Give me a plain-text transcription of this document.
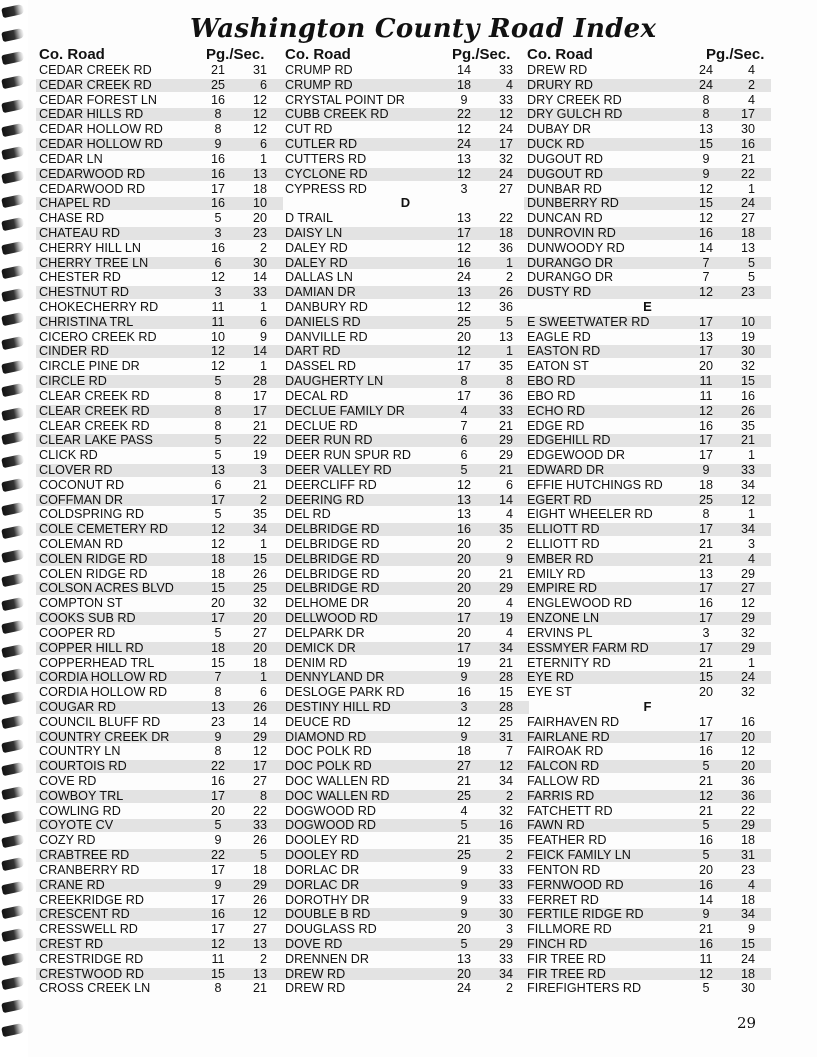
Washington County Road Index
Co. Road	Pg./Sec.
CEDAR CREEK RD	21	31
CEDAR CREEK RD	25	6
CEDAR FOREST LN	16	12
CEDAR HILLS RD	8	12
CEDAR HOLLOW RD	8	12
CEDAR HOLLOW RD	9	6
CEDAR LN	16	1
CEDARWOOD RD	16	13
CEDARWOOD RD	17	18
CHAPEL RD	16	10
CHASE RD	5	20
CHATEAU RD	3	23
CHERRY HILL LN	16	2
CHERRY TREE LN	6	30
CHESTER RD	12	14
CHESTNUT RD	3	33
CHOKECHERRY RD	11	1
CHRISTINA TRL	11	6
CICERO CREEK RD	10	9
CINDER RD	12	14
CIRCLE PINE DR	12	1
CIRCLE RD	5	28
CLEAR CREEK RD	8	17
CLEAR CREEK RD	8	17
CLEAR CREEK RD	8	21
CLEAR LAKE PASS	5	22
CLICK RD	5	19
CLOVER RD	13	3
COCONUT RD	6	21
COFFMAN DR	17	2
COLDSPRING RD	5	35
COLE CEMETERY RD	12	34
COLEMAN RD	12	1
COLEN RIDGE RD	18	15
COLEN RIDGE RD	18	26
COLSON ACRES BLVD	15	25
COMPTON ST	20	32
COOKS SUB RD	17	20
COOPER RD	5	27
COPPER HILL RD	18	20
COPPERHEAD TRL	15	18
CORDIA HOLLOW RD	7	1
CORDIA HOLLOW RD	8	6
COUGAR RD	13	26
COUNCIL BLUFF RD	23	14
COUNTRY CREEK DR	9	29
COUNTRY LN	8	12
COURTOIS RD	22	17
COVE RD	16	27
COWBOY TRL	17	8
COWLING RD	20	22
COYOTE CV	5	33
COZY RD	9	26
CRABTREE RD	22	5
CRANBERRY RD	17	18
CRANE RD	9	29
CREEKRIDGE RD	17	26
CRESCENT RD	16	12
CRESSWELL RD	17	27
CREST RD	12	13
CRESTRIDGE RD	11	2
CRESTWOOD RD	15	13
CROSS CREEK LN	8	21
Co. Road	Pg./Sec.
CRUMP RD	14	33
CRUMP RD	18	4
CRYSTAL POINT DR	9	33
CUBB CREEK RD	22	12
CUT RD	12	24
CUTLER RD	24	17
CUTTERS RD	13	32
CYCLONE RD	12	24
CYPRESS RD	3	27
D
D TRAIL	13	22
DAISY LN	17	18
DALEY RD	12	36
DALEY RD	16	1
DALLAS LN	24	2
DAMIAN DR	13	26
DANBURY RD	12	36
DANIELS RD	25	5
DANVILLE RD	20	13
DART RD	12	1
DASSEL RD	17	35
DAUGHERTY LN	8	8
DECAL RD	17	36
DECLUE FAMILY DR	4	33
DECLUE RD	7	21
DEER RUN RD	6	29
DEER RUN SPUR RD	6	29
DEER VALLEY RD	5	21
DEERCLIFF RD	12	6
DEERING RD	13	14
DEL RD	13	4
DELBRIDGE RD	16	35
DELBRIDGE RD	20	2
DELBRIDGE RD	20	9
DELBRIDGE RD	20	21
DELBRIDGE RD	20	29
DELHOME DR	20	4
DELLWOOD RD	17	19
DELPARK DR	20	4
DEMICK DR	17	34
DENIM RD	19	21
DENNYLAND DR	9	28
DESLOGE PARK RD	16	15
DESTINY HILL RD	3	28
DEUCE RD	12	25
DIAMOND RD	9	31
DOC POLK RD	18	7
DOC POLK RD	27	12
DOC WALLEN RD	21	34
DOC WALLEN RD	25	2
DOGWOOD RD	4	32
DOGWOOD RD	5	16
DOOLEY RD	21	35
DOOLEY RD	25	2
DORLAC DR	9	33
DORLAC DR	9	33
DOROTHY DR	9	33
DOUBLE B RD	9	30
DOUGLASS RD	20	3
DOVE RD	5	29
DRENNEN DR	13	33
DREW RD	20	34
DREW RD	24	2
Co. Road	Pg./Sec.
DREW RD	24	4
DRURY RD	24	2
DRY CREEK RD	8	4
DRY GULCH RD	8	17
DUBAY DR	13	30
DUCK RD	15	16
DUGOUT RD	9	21
DUGOUT RD	9	22
DUNBAR RD	12	1
DUNBERRY RD	15	24
DUNCAN RD	12	27
DUNROVIN RD	16	18
DUNWOODY RD	14	13
DURANGO DR	7	5
DURANGO DR	7	5
DUSTY RD	12	23
E
E SWEETWATER RD	17	10
EAGLE RD	13	19
EASTON RD	17	30
EATON ST	20	32
EBO RD	11	15
EBO RD	11	16
ECHO RD	12	26
EDGE RD	16	35
EDGEHILL RD	17	21
EDGEWOOD DR	17	1
EDWARD DR	9	33
EFFIE HUTCHINGS RD	18	34
EGERT RD	25	12
EIGHT WHEELER RD	8	1
ELLIOTT RD	17	34
ELLIOTT RD	21	3
EMBER RD	21	4
EMILY RD	13	29
EMPIRE RD	17	27
ENGLEWOOD RD	16	12
ENZONE LN	17	29
ERVINS PL	3	32
ESSMYER FARM RD	17	29
ETERNITY RD	21	1
EYE RD	15	24
EYE ST	20	32
F
FAIRHAVEN RD	17	16
FAIRLANE RD	17	20
FAIROAK RD	16	12
FALCON RD	5	20
FALLOW RD	21	36
FARRIS RD	12	36
FATCHETT RD	21	22
FAWN RD	5	29
FEATHER RD	16	18
FEICK FAMILY LN	5	31
FENTON RD	20	23
FERNWOOD RD	16	4
FERRET RD	14	18
FERTILE RIDGE RD	9	34
FILLMORE RD	21	9
FINCH RD	16	15
FIR TREE RD	11	24
FIR TREE RD	12	18
FIREFIGHTERS RD	5	30
29
